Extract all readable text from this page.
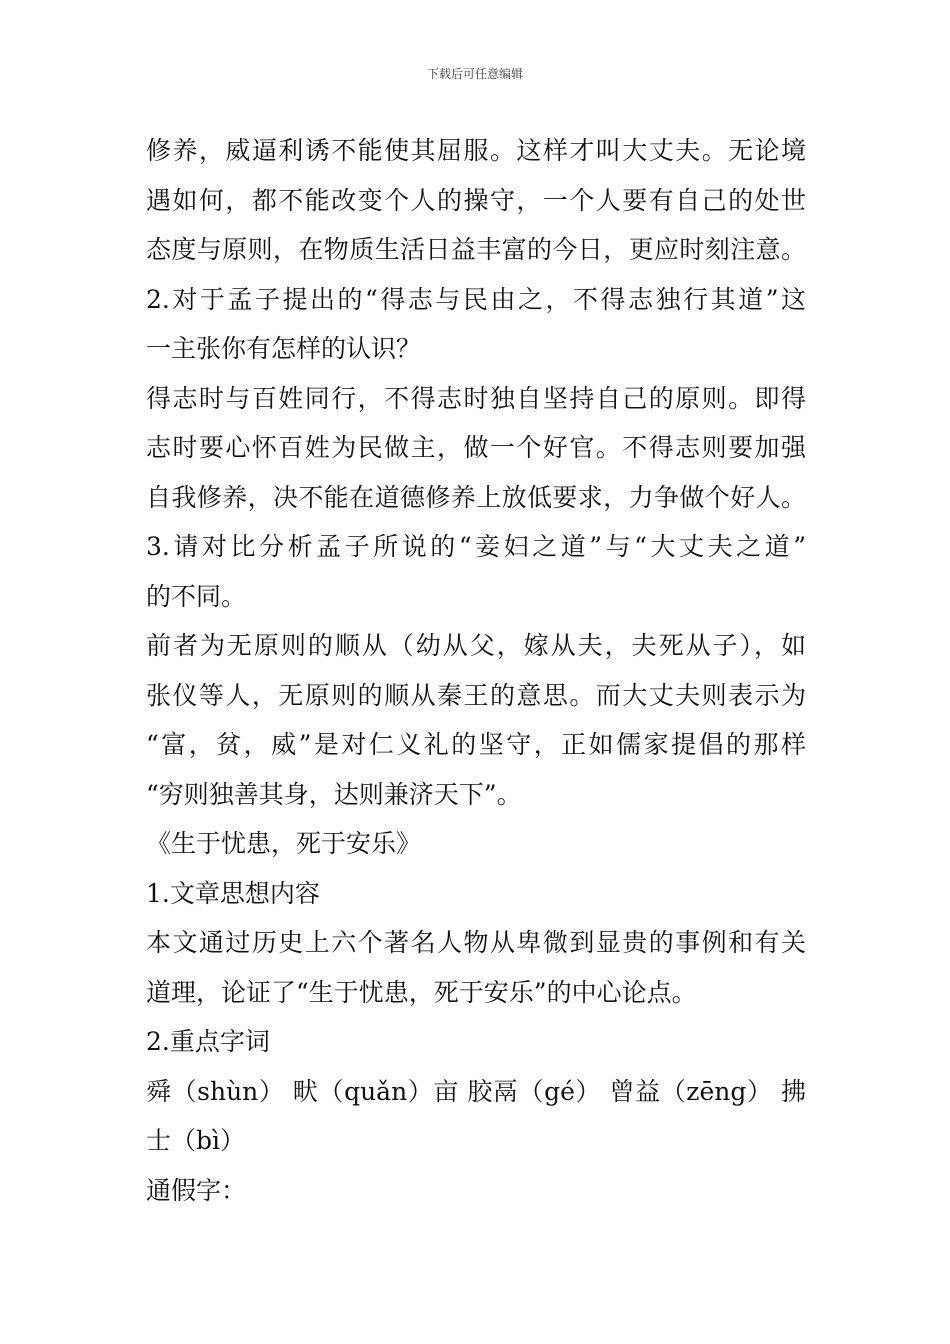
下载后可任意编辑
修养，威逼利诱不能使其屈服。这样才叫大丈夫。无论境
遇如何，都不能改变个人的操守，一个人要有自己的处世
态度与原则，在物质生活日益丰富的今日，更应时刻注意。
2.对于孟子提出的“得志与民由之，不得志独行其道”这
一主张你有怎样的认识？
得志时与百姓同行，不得志时独自坚持自己的原则。即得
志时要心怀百姓为民做主，做一个好官。不得志则要加强
自我修养，决不能在道德修养上放低要求，力争做个好人。
3.请对比分析孟子所说的“妾妇之道”与“大丈夫之道”
的不同。
前者为无原则的顺从（幼从父，嫁从夫，夫死从子），如
张仪等人，无原则的顺从秦王的意思。而大丈夫则表示为
“富，贫，威”是对仁义礼的坚守，正如儒家提倡的那样
“穷则独善其身，达则兼济天下”。
《生于忧患，死于安乐》
1.文章思想内容
本文通过历史上六个著名人物从卑微到显贵的事例和有关
道理，论证了“生于忧患，死于安乐”的中心论点。
2.重点字词
舜（shùn） 畎（quǎn）亩 胶鬲（gé） 曾益（zēng） 拂
士（bì）
通假字：
